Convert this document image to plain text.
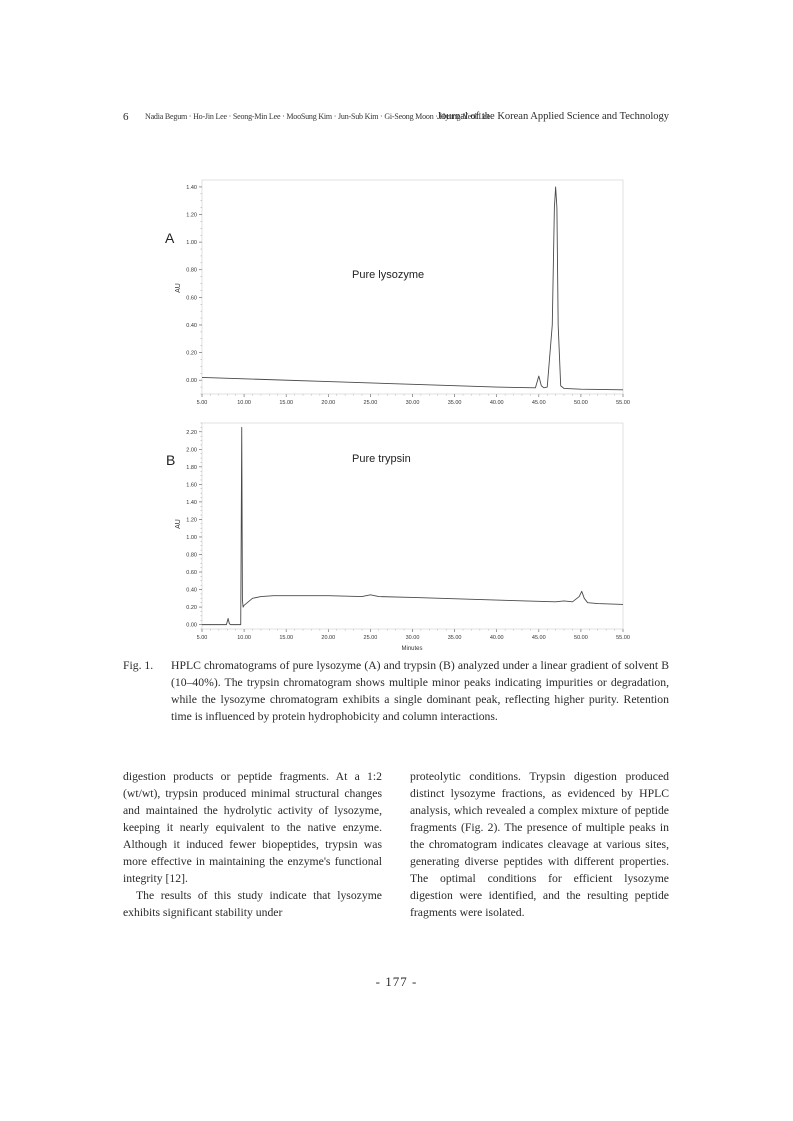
6 Nadia Begum · Ho-Jin Lee · Seong-Min Lee · MooSung Kim · Jun-Sub Kim · Gi-Seong Moon · Hyung-Yeol Lee
Journal of the Korean Applied Science and Technology
A
AU
Pure lysozyme
0.00
0.20
0.40
0.60
0.80
1.00
1.20
1.40
5.00	10.00	15.00	20.00	25.00	30.00	35.00	40.00	45.00	50.00	55.00
B
AU
Pure trypsin
Minutes
0.00
0.20
0.40
0.60
0.80
1.00
1.20
1.40
1.60
1.80
2.00
2.20
5.00	10.00	15.00	20.00	25.00	30.00	35.00	40.00	45.00	50.00	55.00
Fig. 1. HPLC chromatograms of pure lysozyme (A) and trypsin (B) analyzed under a linear gradient of solvent B (10–40%). The trypsin chromatogram shows multiple minor peaks indicating impurities or degradation, while the lysozyme chromatogram exhibits a single dominant peak, reflecting higher purity. Retention time is influenced by protein hydrophobicity and column interactions.

digestion products or peptide fragments. At a 1:2 (wt/wt), trypsin produced minimal structural changes and maintained the hydrolytic activity of lysozyme, keeping it nearly equivalent to the native enzyme. Although it induced fewer biopeptides, trypsin was more effective in maintaining the enzyme's functional integrity [12].

The results of this study indicate that lysozyme exhibits significant stability under

proteolytic conditions. Trypsin digestion produced distinct lysozyme fractions, as evidenced by HPLC analysis, which revealed a complex mixture of peptide fragments (Fig. 2). The presence of multiple peaks in the chromatogram indicates cleavage at various sites, generating diverse peptides with different properties. The optimal conditions for efficient lysozyme digestion were identified, and the resulting peptide fragments were isolated.

- 177 -
